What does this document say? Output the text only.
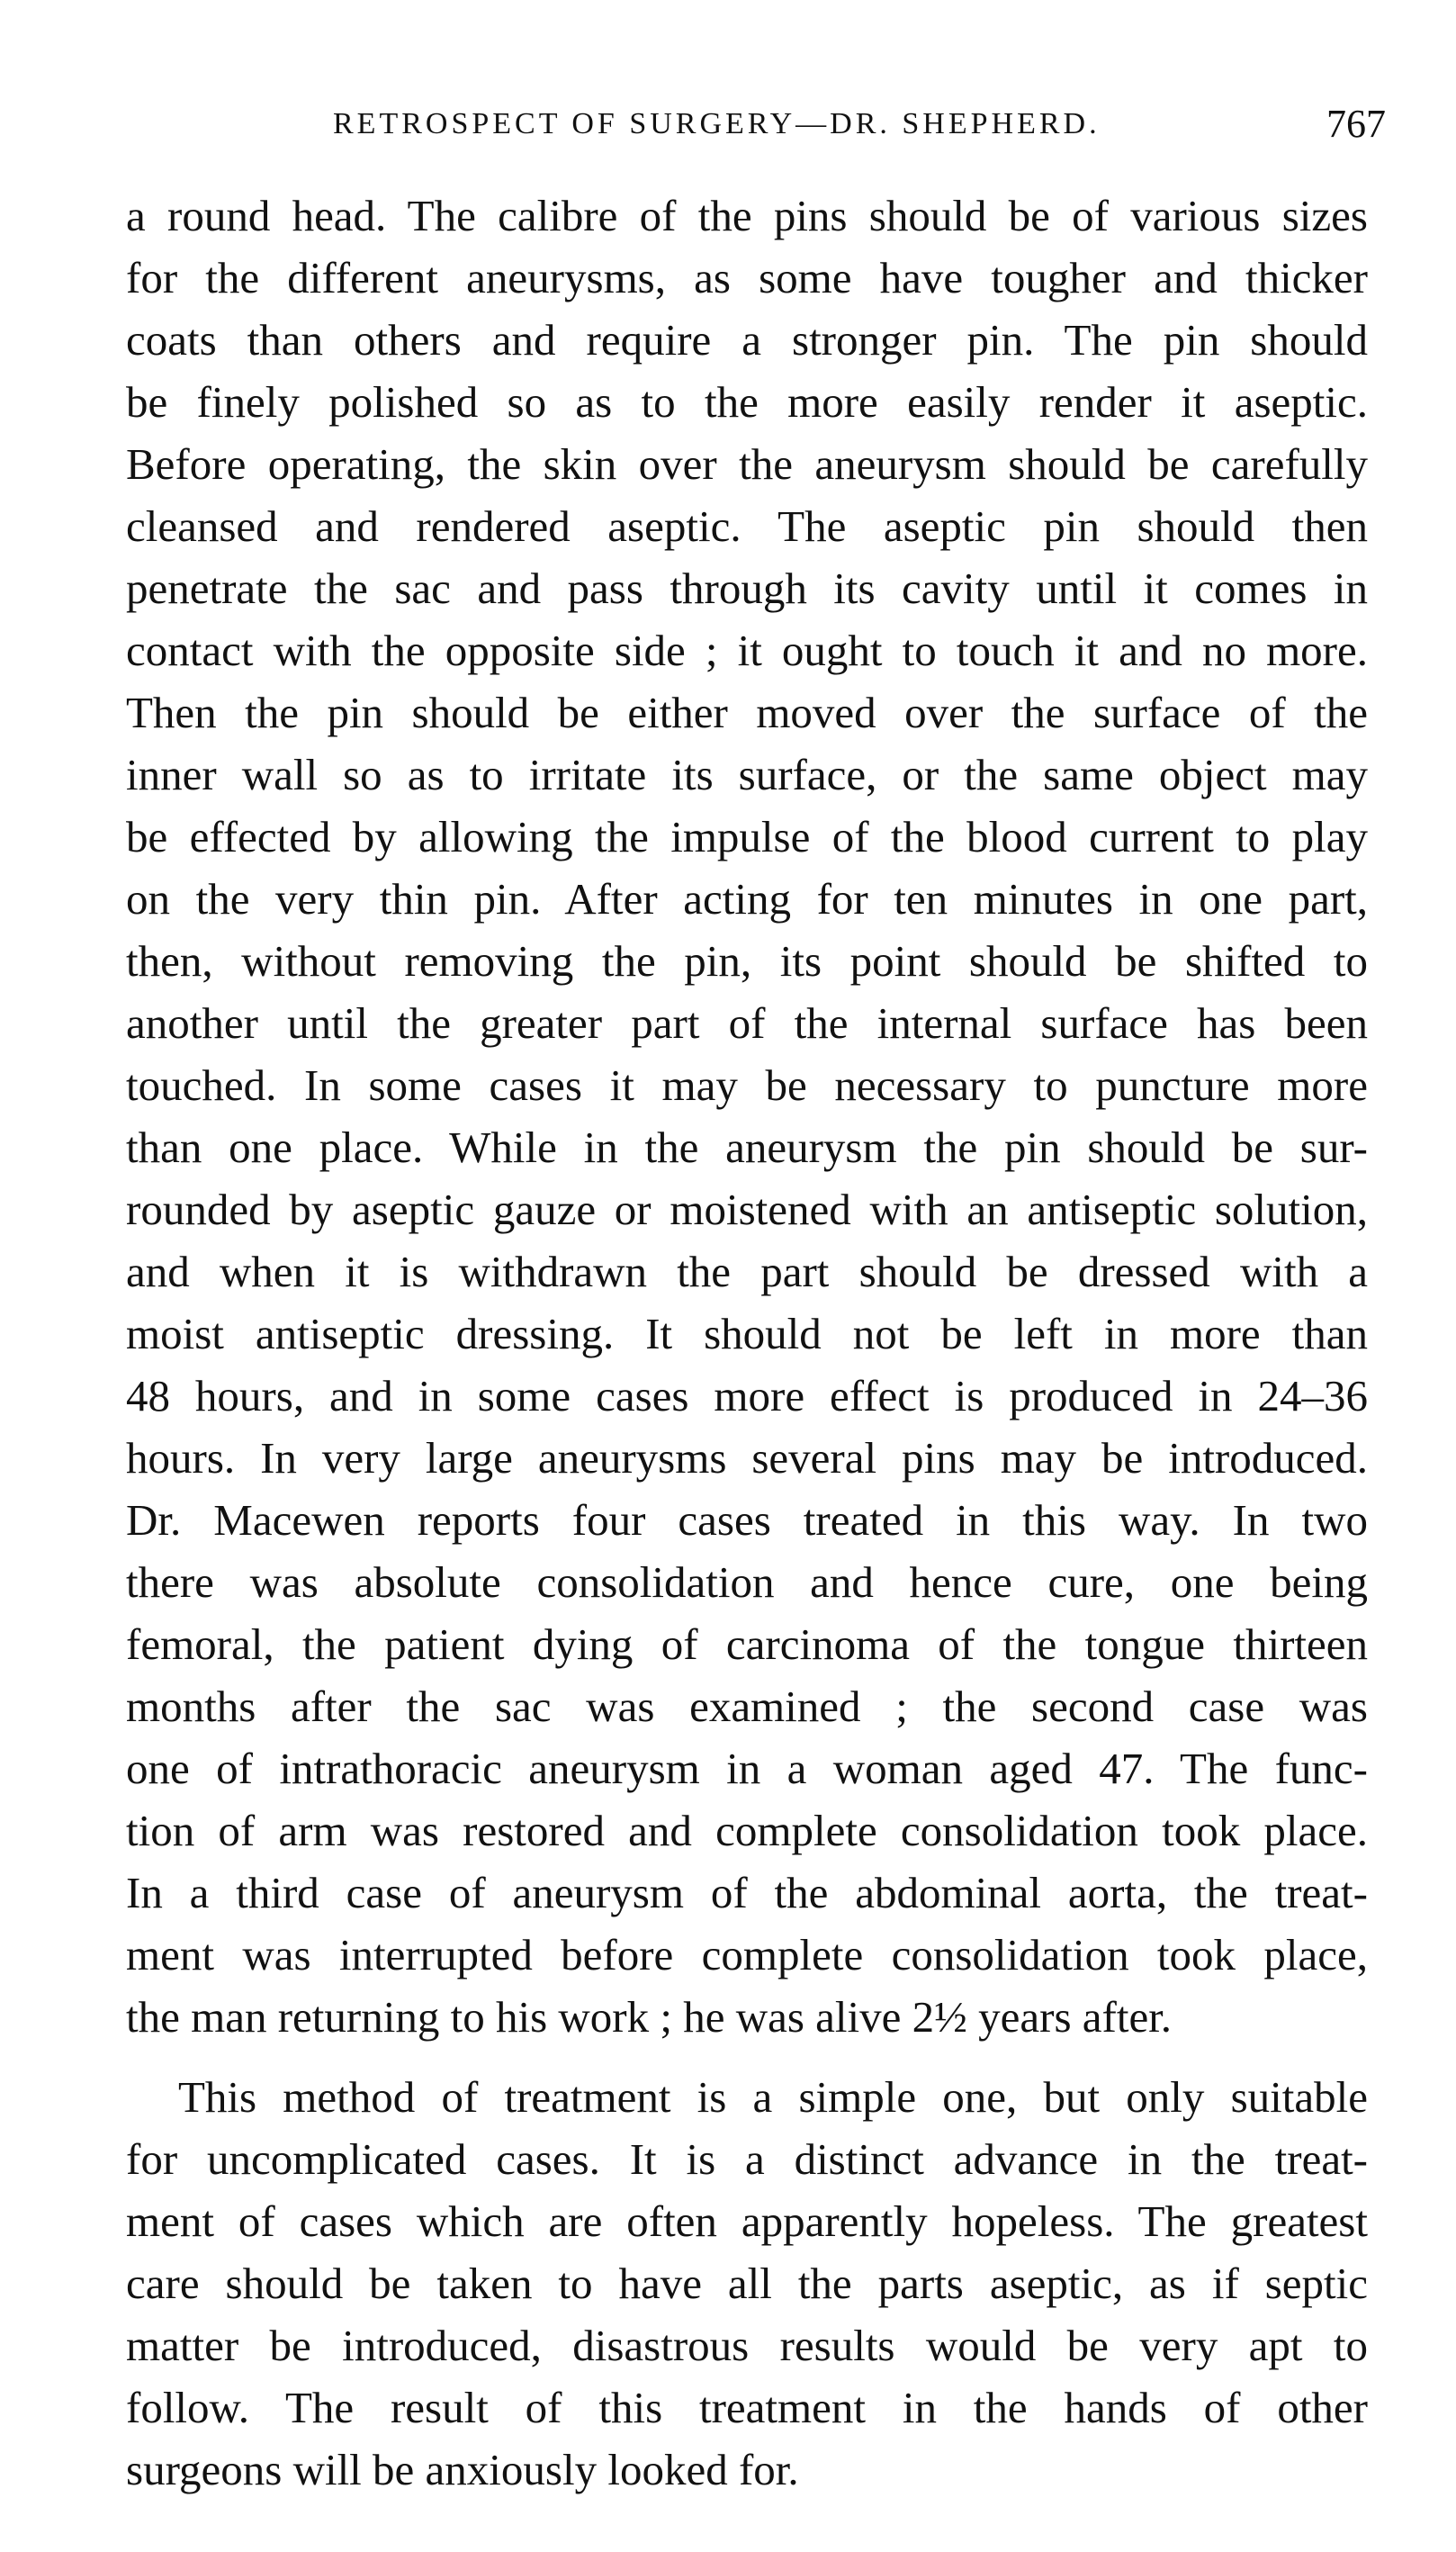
RETROSPECT OF SURGERY—DR. SHEPHERD.	767
a round head. The calibre of the pins should be of various sizes
for the different aneurysms, as some have tougher and thicker
coats than others and require a stronger pin. The pin should
be finely polished so as to the more easily render it aseptic.
Before operating, the skin over the aneurysm should be carefully
cleansed and rendered aseptic. The aseptic pin should then
penetrate the sac and pass through its cavity until it comes in
contact with the opposite side ; it ought to touch it and no more.
Then the pin should be either moved over the surface of the
inner wall so as to irritate its surface, or the same object may
be effected by allowing the impulse of the blood current to play
on the very thin pin. After acting for ten minutes in one part,
then, without removing the pin, its point should be shifted to
another until the greater part of the internal surface has been
touched. In some cases it may be necessary to puncture more
than one place. While in the aneurysm the pin should be sur-
rounded by aseptic gauze or moistened with an antiseptic solution,
and when it is withdrawn the part should be dressed with a
moist antiseptic dressing. It should not be left in more than
48 hours, and in some cases more effect is produced in 24–36
hours. In very large aneurysms several pins may be introduced.
Dr. Macewen reports four cases treated in this way. In two
there was absolute consolidation and hence cure, one being
femoral, the patient dying of carcinoma of the tongue thirteen
months after the sac was examined ; the second case was
one of intrathoracic aneurysm in a woman aged 47. The func-
tion of arm was restored and complete consolidation took place.
In a third case of aneurysm of the abdominal aorta, the treat-
ment was interrupted before complete consolidation took place,
the man returning to his work ; he was alive 2½ years after.
This method of treatment is a simple one, but only suitable
for uncomplicated cases. It is a distinct advance in the treat-
ment of cases which are often apparently hopeless. The greatest
care should be taken to have all the parts aseptic, as if septic
matter be introduced, disastrous results would be very apt to
follow. The result of this treatment in the hands of other
surgeons will be anxiously looked for.
